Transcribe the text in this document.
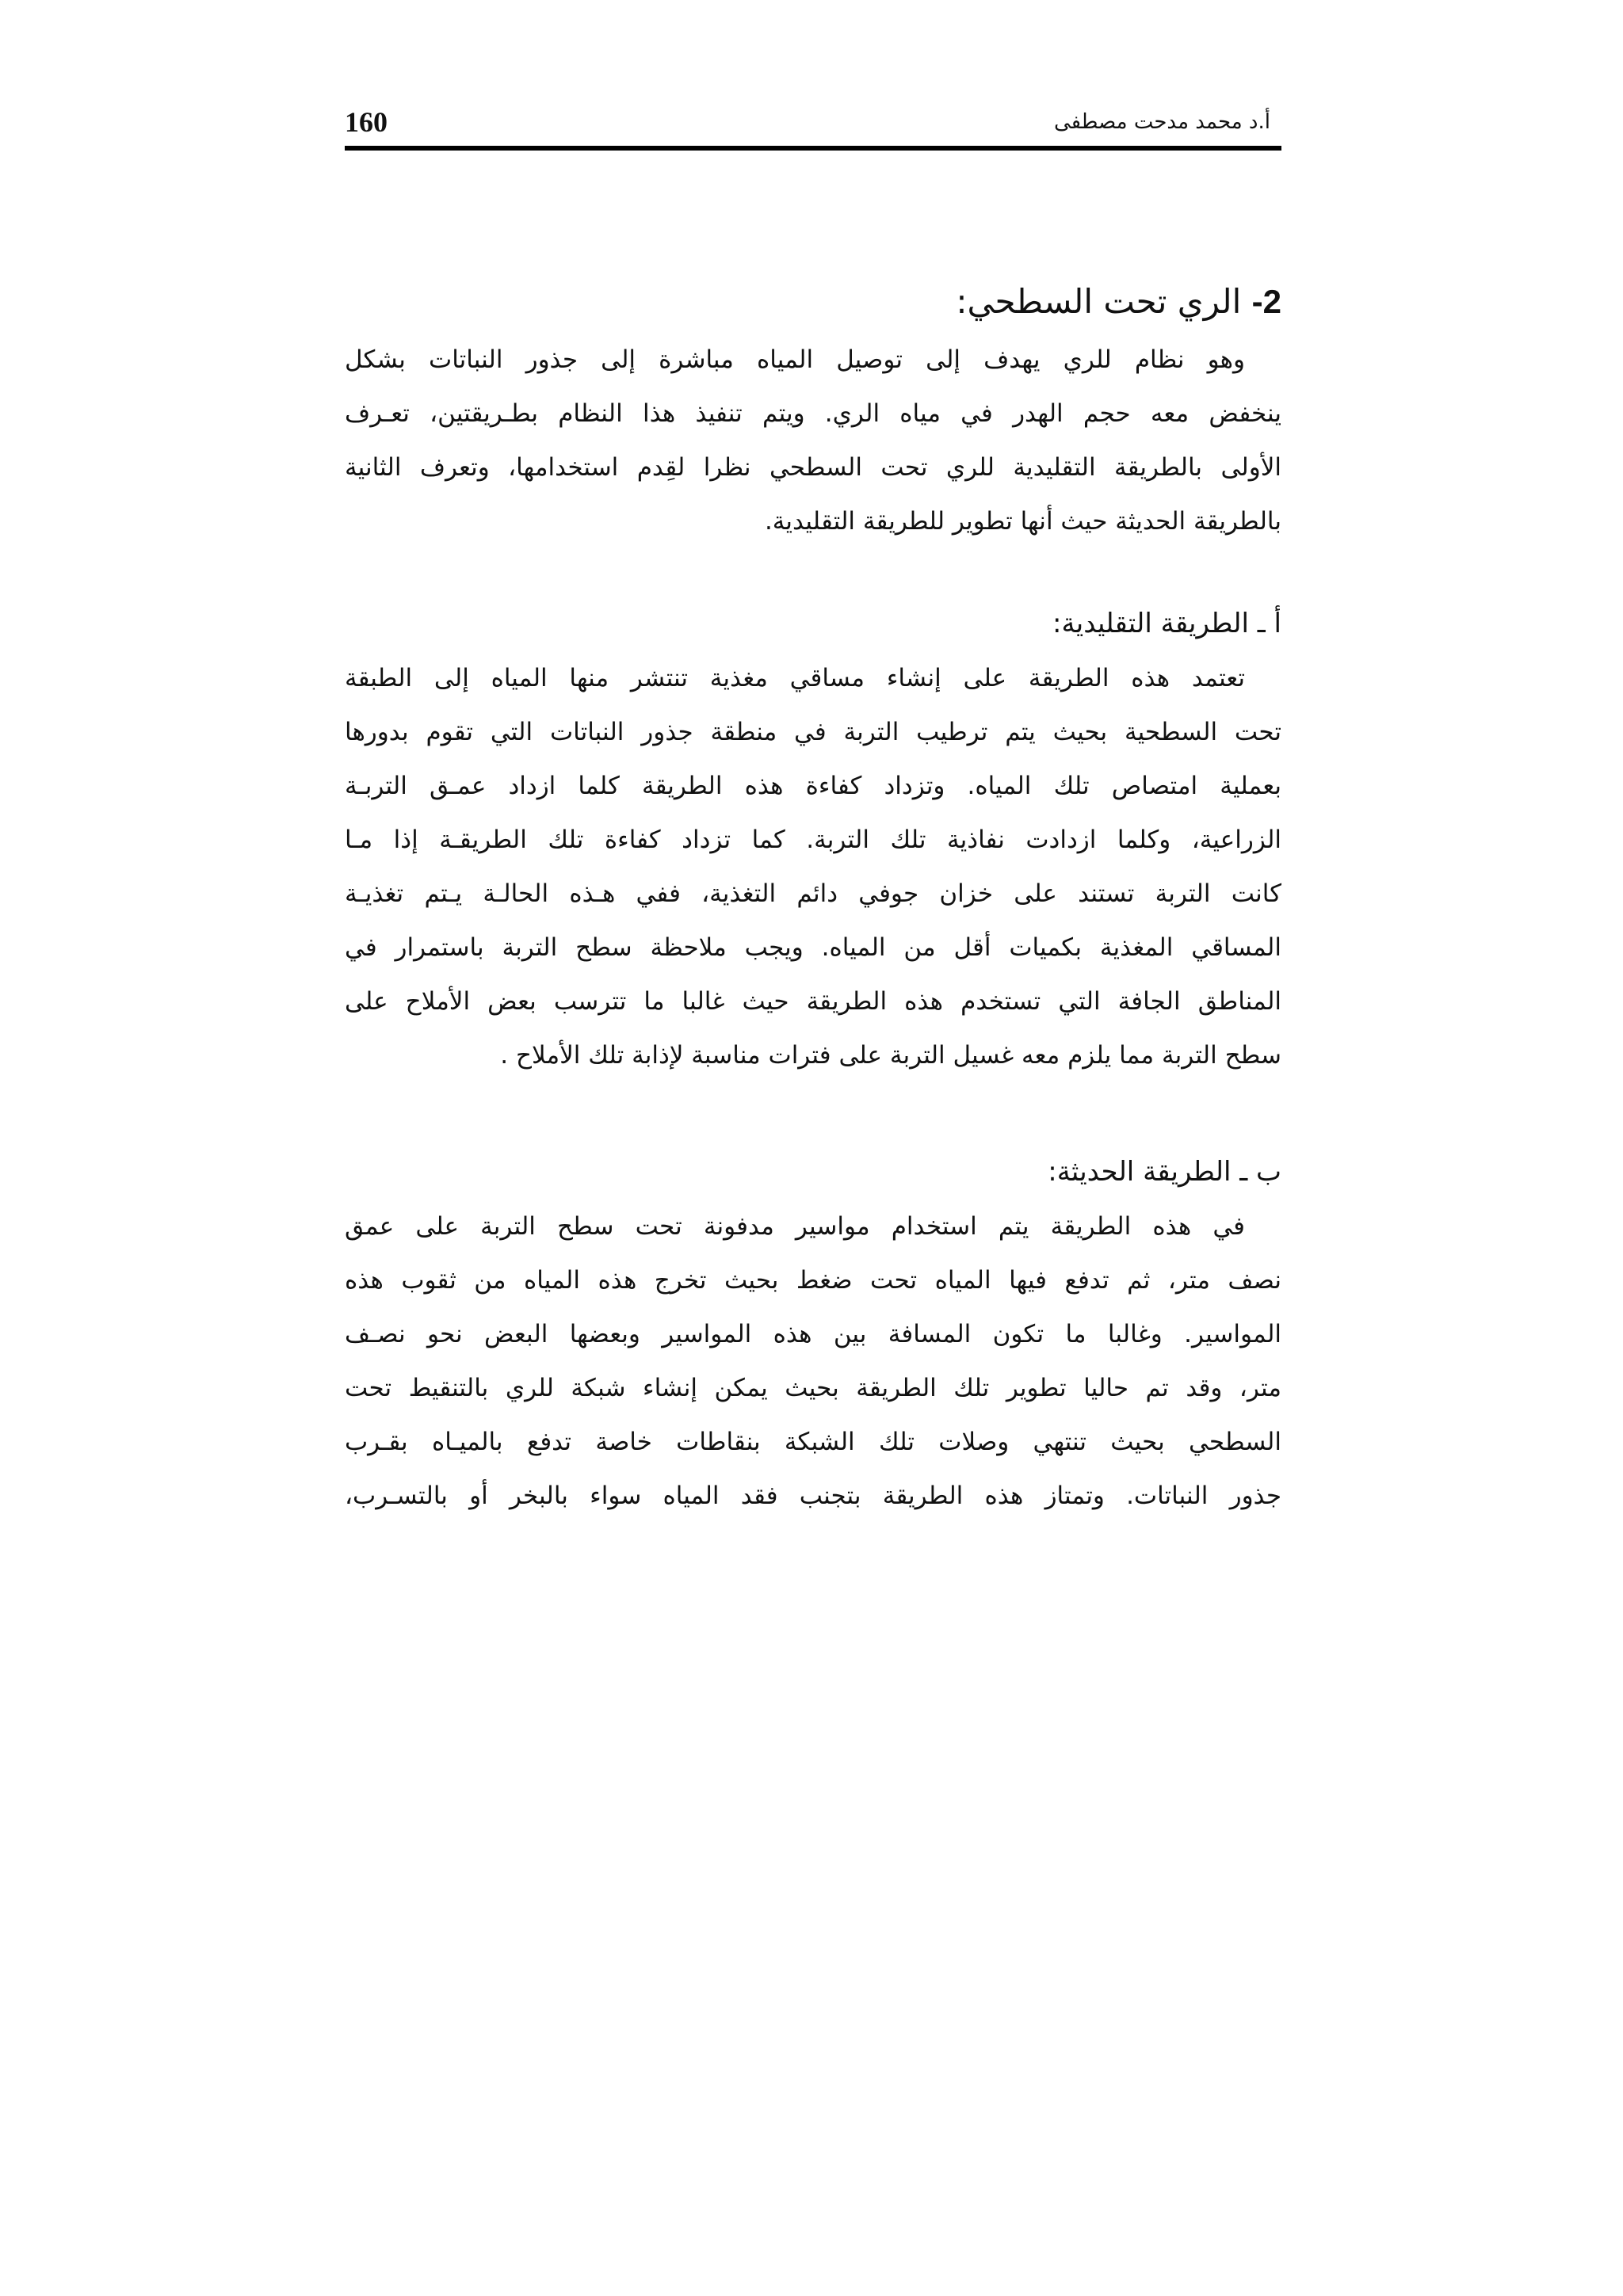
160	أ.د محمد مدحت مصطفى
2- الري تحت السطحي:
وهو نظام للري يهدف إلى توصيل المياه مباشرة إلى جذور النباتات بشكل
ينخفض معه حجم الهدر في مياه الري. ويتم تنفيذ هذا النظام بطـريقتين، تعـرف
الأولى بالطريقة التقليدية للري تحت السطحي نظرا لقِدم استخدامها، وتعرف الثانية
بالطريقة الحديثة حيث أنها تطوير للطريقة التقليدية.
أ ـ الطريقة التقليدية:
تعتمد هذه الطريقة على إنشاء مساقي مغذية تنتشر منها المياه إلى الطبقة
تحت السطحية بحيث يتم ترطيب التربة في منطقة جذور النباتات التي تقوم بدورها
بعملية امتصاص تلك المياه. وتزداد كفاءة هذه الطريقة كلما ازداد عمـق التربـة
الزراعية، وكلما ازدادت نفاذية تلك التربة. كما تزداد كفاءة تلك الطريقـة إذا مـا
كانت التربة تستند على خزان جوفي دائم التغذية، ففي هـذه الحالـة يـتم تغذيـة
المساقي المغذية بكميات أقل من المياه. ويجب ملاحظة سطح التربة باستمرار في
المناطق الجافة التي تستخدم هذه الطريقة حيث غالبا ما تترسب بعض الأملاح على
سطح التربة مما يلزم معه غسيل التربة على فترات مناسبة لإذابة تلك الأملاح .
ب ـ الطريقة الحديثة:
في هذه الطريقة يتم استخدام مواسير مدفونة تحت سطح التربة على عمق
نصف متر، ثم تدفع فيها المياه تحت ضغط بحيث تخرج هذه المياه من ثقوب هذه
المواسير. وغالبا ما تكون المسافة بين هذه المواسير وبعضها البعض نحو نصـف
متر، وقد تم حاليا تطوير تلك الطريقة بحيث يمكن إنشاء شبكة للري بالتنقيط تحت
السطحي بحيث تنتهي وصلات تلك الشبكة بنقاطات خاصة تدفع بالميـاه بقـرب
جذور النباتات. وتمتاز هذه الطريقة بتجنب فقد المياه سواء بالبخر أو بالتسـرب،
